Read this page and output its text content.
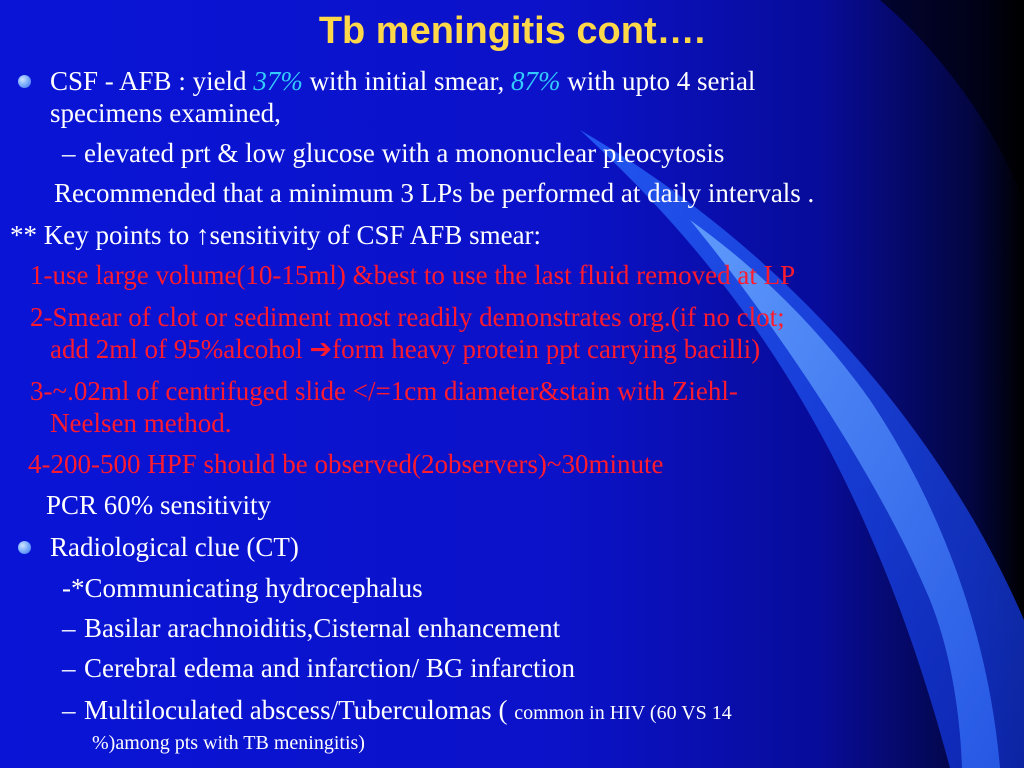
Tb meningitis cont….
CSF - AFB : yield 37% with initial smear, 87% with upto 4 serial
specimens examined,
– elevated prt & low glucose with a mononuclear pleocytosis
Recommended that a minimum 3 LPs be performed at daily intervals .
** Key points to ↑sensitivity of CSF AFB smear:
1-use large volume(10-15ml) &best to use the last fluid removed at LP
2-Smear of clot or sediment most readily demonstrates org.(if no clot;
add 2ml of 95%alcohol ➔form heavy protein ppt carrying bacilli)
3-~.02ml of centrifuged slide </=1cm diameter&stain with Ziehl-
Neelsen method.
4-200-500 HPF should be observed(2observers)~30minute
PCR 60% sensitivity
Radiological clue (CT)
-*Communicating hydrocephalus
– Basilar arachnoiditis,Cisternal enhancement
– Cerebral edema and infarction/ BG infarction
– Multiloculated abscess/Tuberculomas ( common in HIV (60 VS 14
%)among pts with TB meningitis)
